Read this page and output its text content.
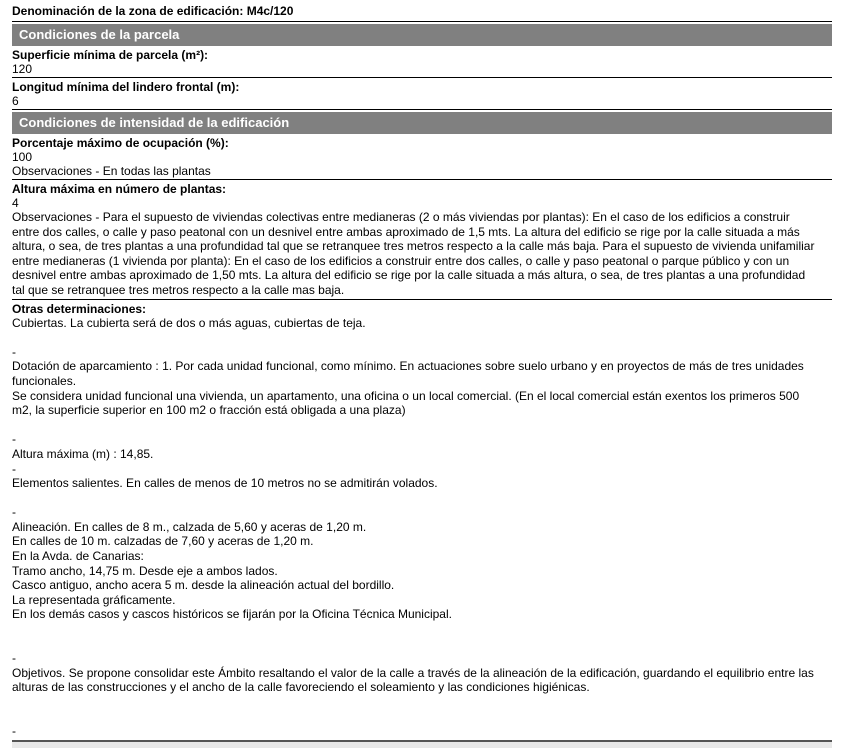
Denominación de la zona de edificación: M4c/120
Condiciones de la parcela
Superficie mínima de parcela (m²):
120
Longitud mínima del lindero frontal (m):
6
Condiciones de intensidad de la edificación
Porcentaje máximo de ocupación (%):
100
Observaciones - En todas las plantas
Altura máxima en número de plantas:
4
Observaciones - Para el supuesto de viviendas colectivas entre medianeras (2 o más viviendas por plantas): En el caso de los edificios a construir
entre dos calles, o calle y paso peatonal con un desnivel entre ambas aproximado de 1,5 mts. La altura del edificio se rige por la calle situada a más
altura, o sea, de tres plantas a una profundidad tal que se retranquee tres metros respecto a la calle más baja. Para el supuesto de vivienda unifamiliar
entre medianeras (1 vivienda por planta): En el caso de los edificios a construir entre dos calles, o calle y paso peatonal o parque público y con un
desnivel entre ambas aproximado de 1,50 mts. La altura del edificio se rige por la calle situada a más altura, o sea, de tres plantas a una profundidad
tal que se retranquee tres metros respecto a la calle mas baja.
Otras determinaciones:
Cubiertas. La cubierta será de dos o más aguas, cubiertas de teja.

-
Dotación de aparcamiento : 1. Por cada unidad funcional, como mínimo. En actuaciones sobre suelo urbano y en proyectos de más de tres unidades
funcionales.
Se considera unidad funcional una vivienda, un apartamento, una oficina o un local comercial. (En el local comercial están exentos los primeros 500
m2, la superficie superior en 100 m2 o fracción está obligada a una plaza)

-
Altura máxima (m) : 14,85.
-
Elementos salientes. En calles de menos de 10 metros no se admitirán volados.

-
Alineación. En calles de 8 m., calzada de 5,60 y aceras de 1,20 m.
En calles de 10 m. calzadas de 7,60 y aceras de 1,20 m.
En la Avda. de Canarias:
Tramo ancho, 14,75 m. Desde eje a ambos lados.
Casco antiguo, ancho acera 5 m. desde la alineación actual del bordillo.
La representada gráficamente.
En los demás casos y cascos históricos se fijarán por la Oficina Técnica Municipal.

-
Objetivos. Se propone consolidar este Ámbito resaltando el valor de la calle a través de la alineación de la edificación, guardando el equilibrio entre las
alturas de las construcciones y el ancho de la calle favoreciendo el soleamiento y las condiciones higiénicas.

-
